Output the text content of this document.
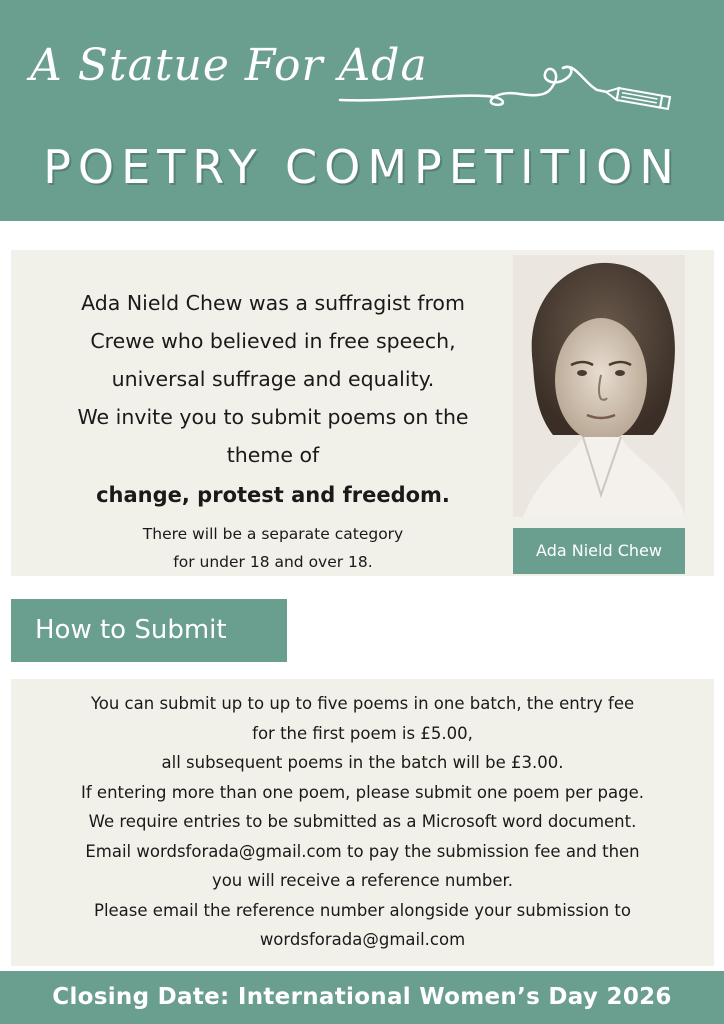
A Statue For Ada
POETRY COMPETITION
Ada Nield Chew was a suffragist from
Crewe who believed in free speech,
universal suffrage and equality.
We invite you to submit poems on the
theme of
change, protest and freedom.
There will be a separate category
for under 18 and over 18.
Ada Nield Chew
How to Submit
You can submit up to up to five poems in one batch, the entry fee
for the first poem is £5.00,
all subsequent poems in the batch will be £3.00.
If entering more than one poem, please submit one poem per page.
We require entries to be submitted as a Microsoft word document.
Email wordsforada@gmail.com to pay the submission fee and then
you will receive a reference number.
Please email the reference number alongside your submission to
wordsforada@gmail.com
Closing Date: International Women’s Day 2026
